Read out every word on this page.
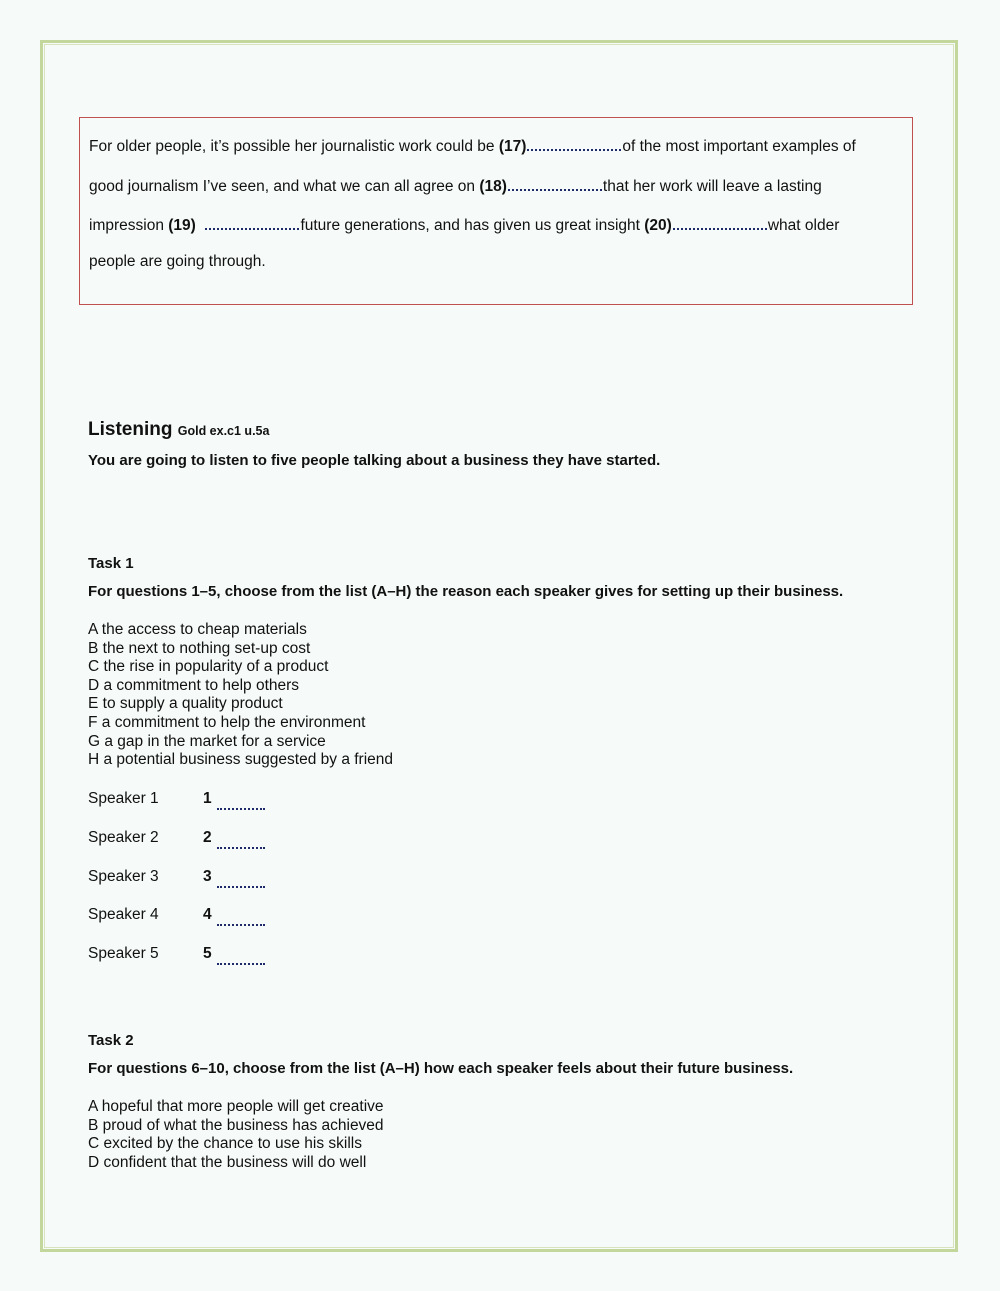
For older people, it’s possible her journalistic work could be (17)	of the most important examples of
good journalism I’ve seen, and what we can all agree on (18)	that her work will leave a lasting
impression (19)	future generations, and has given us great insight (20)	what older
people are going through.
Listening Gold ex.c1 u.5a
You are going to listen to five people talking about a business they have started.
Task 1
For questions 1–5, choose from the list (A–H) the reason each speaker gives for setting up their business.
A the access to cheap materials
B the next to nothing set-up cost
C the rise in popularity of a product
D a commitment to help others
E to supply a quality product
F a commitment to help the environment
G a gap in the market for a service
H a potential business suggested by a friend
Speaker 1	1
Speaker 2	2
Speaker 3	3
Speaker 4	4
Speaker 5	5
Task 2
For questions 6–10, choose from the list (A–H) how each speaker feels about their future business.
A hopeful that more people will get creative
B proud of what the business has achieved
C excited by the chance to use his skills
D confident that the business will do well
